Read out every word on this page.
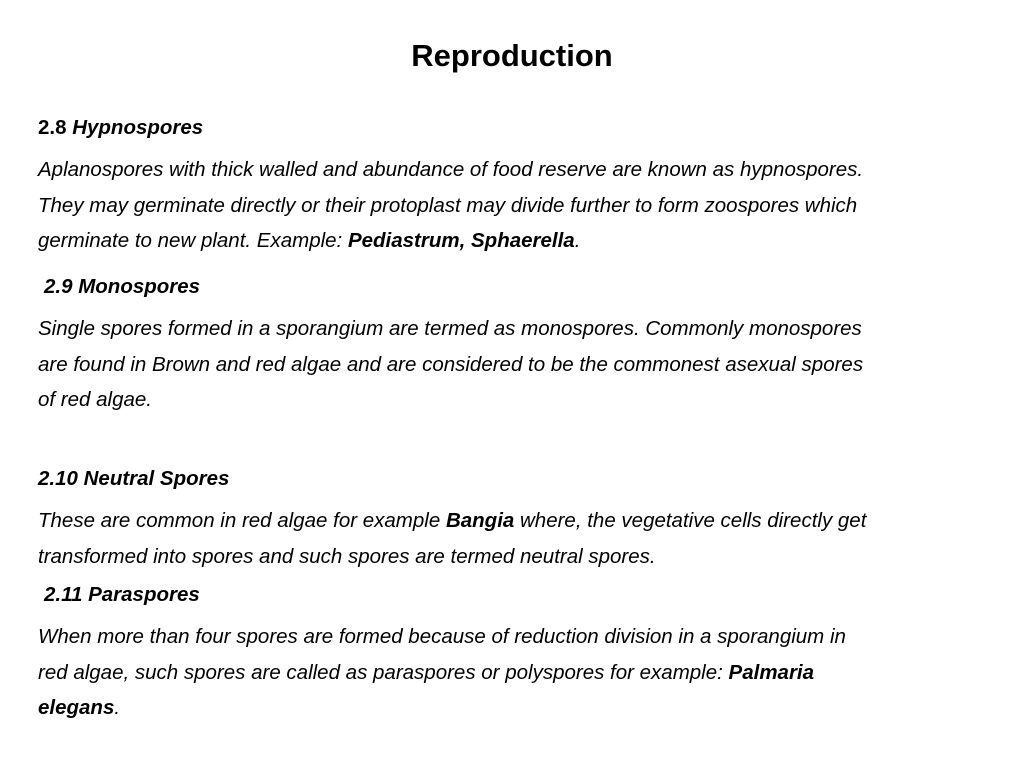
Reproduction
2.8 Hypnospores
Aplanospores with thick walled and abundance of food reserve are known as hypnospores.
They may germinate directly or their protoplast may divide further to form zoospores which
germinate to new plant. Example: Pediastrum, Sphaerella.
2.9 Monospores
Single spores formed in a sporangium are termed as monospores. Commonly monospores
are found in Brown and red algae and are considered to be the commonest asexual spores
of red algae.
2.10 Neutral Spores
These are common in red algae for example Bangia where, the vegetative cells directly get
transformed into spores and such spores are termed neutral spores.
2.11 Paraspores
When more than four spores are formed because of reduction division in a sporangium in
red algae, such spores are called as paraspores or polyspores for example: Palmaria
elegans.
